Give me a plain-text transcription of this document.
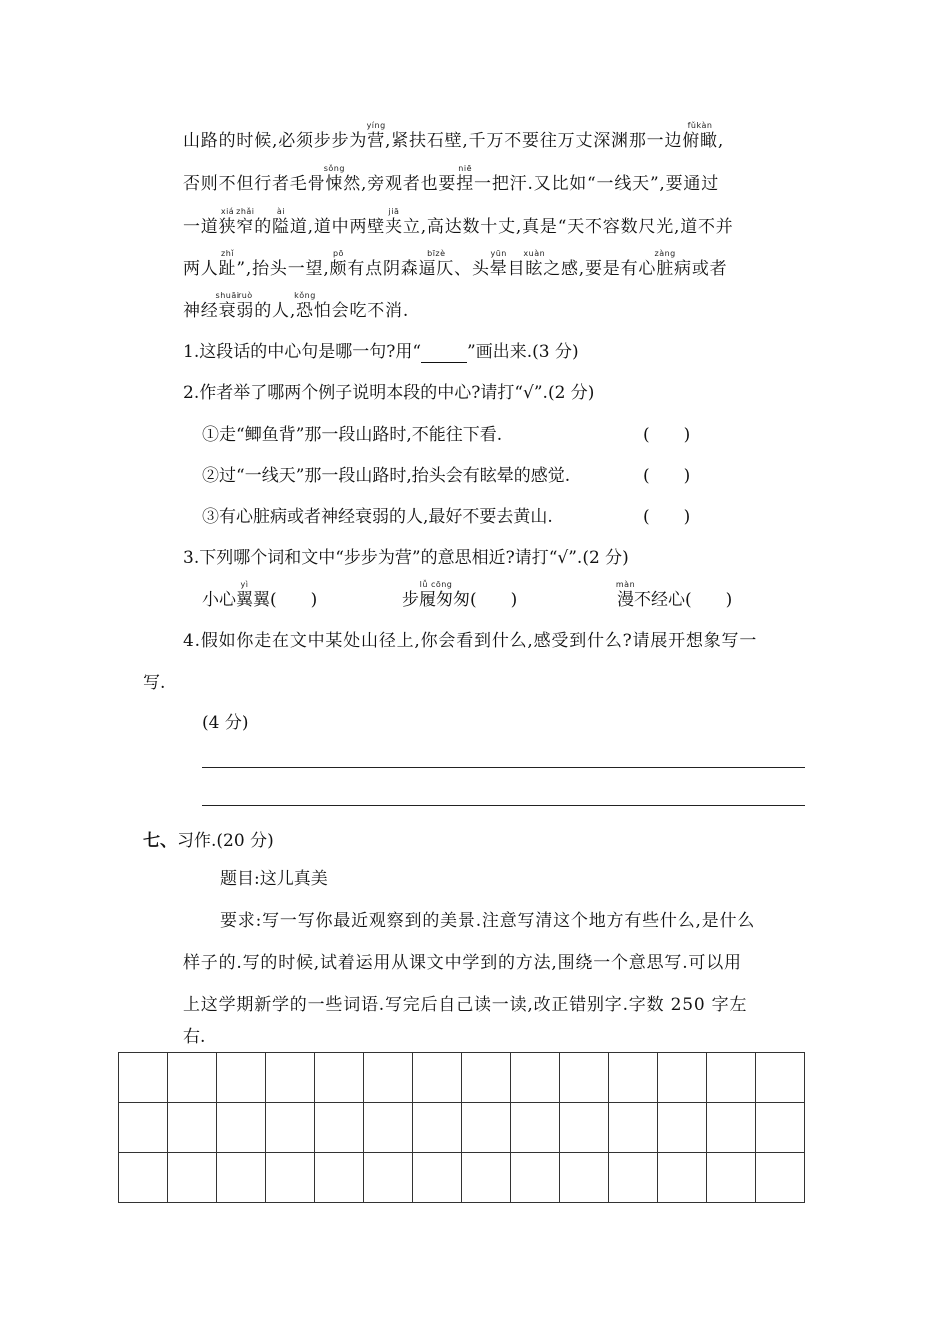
山路的时候,必须步步为
yíng
营,紧扶石壁,千万不要往万丈深渊那一边
fǔkàn
俯瞰,
否则不但行者毛骨
sǒng
悚然,旁观者也要
niē
捏一把汗.又比如“一线天”,要通过
一道
xiá
狭
zhǎi
窄的
ài
隘道,道中两壁
jiā
夹立,高达数十丈,真是“天不容数尺光,道不并
两人
zhǐ
趾”,抬头一望,
pō
颇有点阴森
bīzè
逼仄、头
yūn
晕目
xuàn
眩之感,要是有心
zàng
脏病或者
神经
shuāi
衰
ruò
弱的人,
kǒng
恐怕会吃不消.
1.这段话的中心句是哪一句?用“	”画出来.(3 分)
2.作者举了哪两个例子说明本段的中心?请打“√”.(2 分)
①走“鲫鱼背”那一段山路时,不能往下看.	(　　)
②过“一线天”那一段山路时,抬头会有眩晕的感觉.	(　　)
③有心脏病或者神经衰弱的人,最好不要去黄山.	(　　)
3.下列哪个词和文中“步步为营”的意思相近?请打“√”.(2 分)
小心
yì
翼翼(　　)	步
lǚ cōng
履匆匆(　　)
màn
漫不经心(　　)
4.假如你走在文中某处山径上,你会看到什么,感受到什么?请展开想象写一
写.
(4 分)
七、习作.(20 分)
题目:这儿真美
要求:写一写你最近观察到的美景.注意写清这个地方有些什么,是什么
样子的.写的时候,试着运用从课文中学到的方法,围绕一个意思写.可以用
上这学期新学的一些词语.写完后自己读一读,改正错别字.字数 250 字左
右.
